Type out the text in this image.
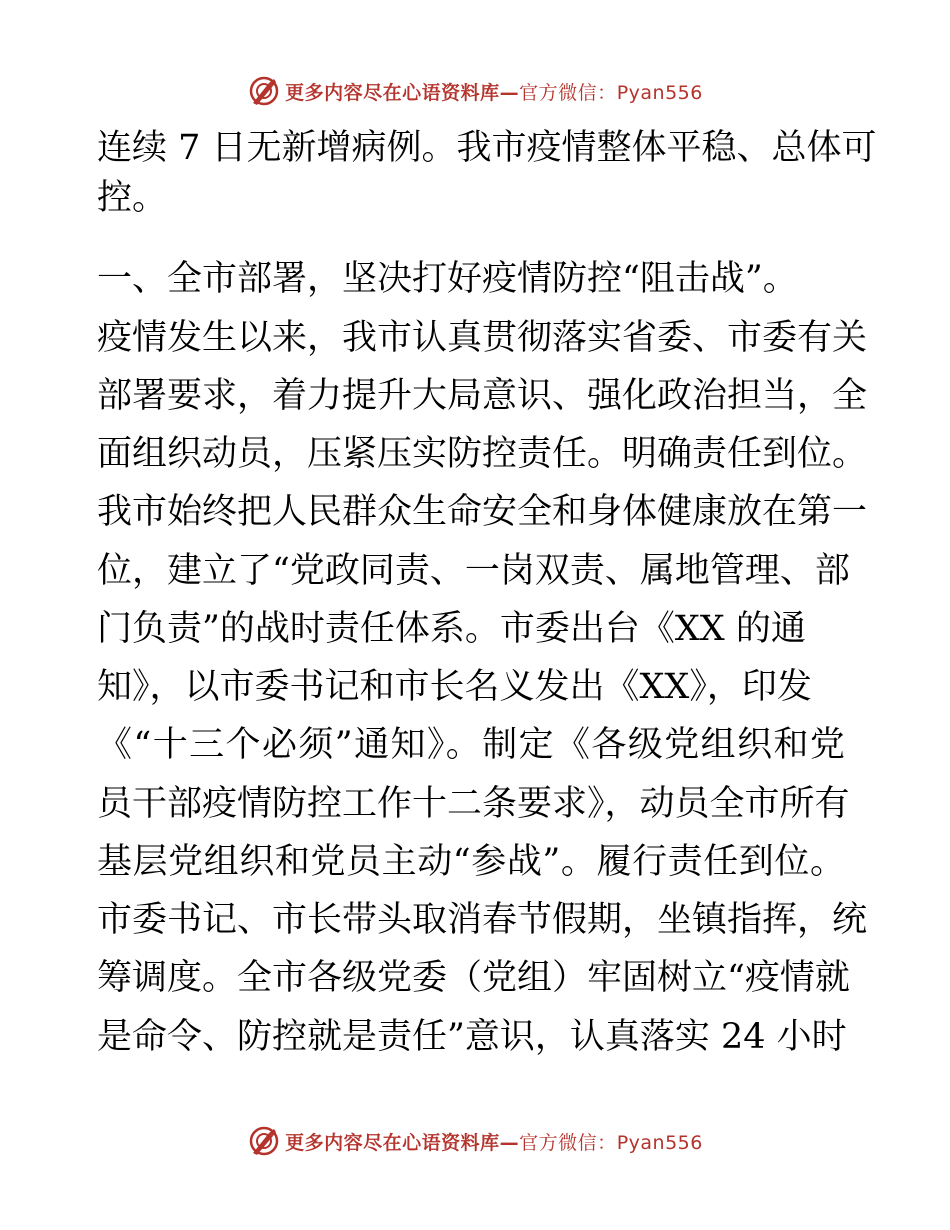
更多内容尽在心语资料库—官方微信：Pyan556
连续 7 日无新增病例。我市疫情整体平稳、总体可
控。
一、全市部署，坚决打好疫情防控“阻击战”。
疫情发生以来，我市认真贯彻落实省委、市委有关
部署要求，着力提升大局意识、强化政治担当，全
面组织动员，压紧压实防控责任。明确责任到位。
我市始终把人民群众生命安全和身体健康放在第一
位，建立了“党政同责、一岗双责、属地管理、部
门负责”的战时责任体系。市委出台《XX 的通
知》，以市委书记和市长名义发出《XX》，印发
《“十三个必须”通知》。制定《各级党组织和党
员干部疫情防控工作十二条要求》，动员全市所有
基层党组织和党员主动“参战”。履行责任到位。
市委书记、市长带头取消春节假期，坐镇指挥，统
筹调度。全市各级党委（党组）牢固树立“疫情就
是命令、防控就是责任”意识，认真落实 24 小时
更多内容尽在心语资料库—官方微信：Pyan556
